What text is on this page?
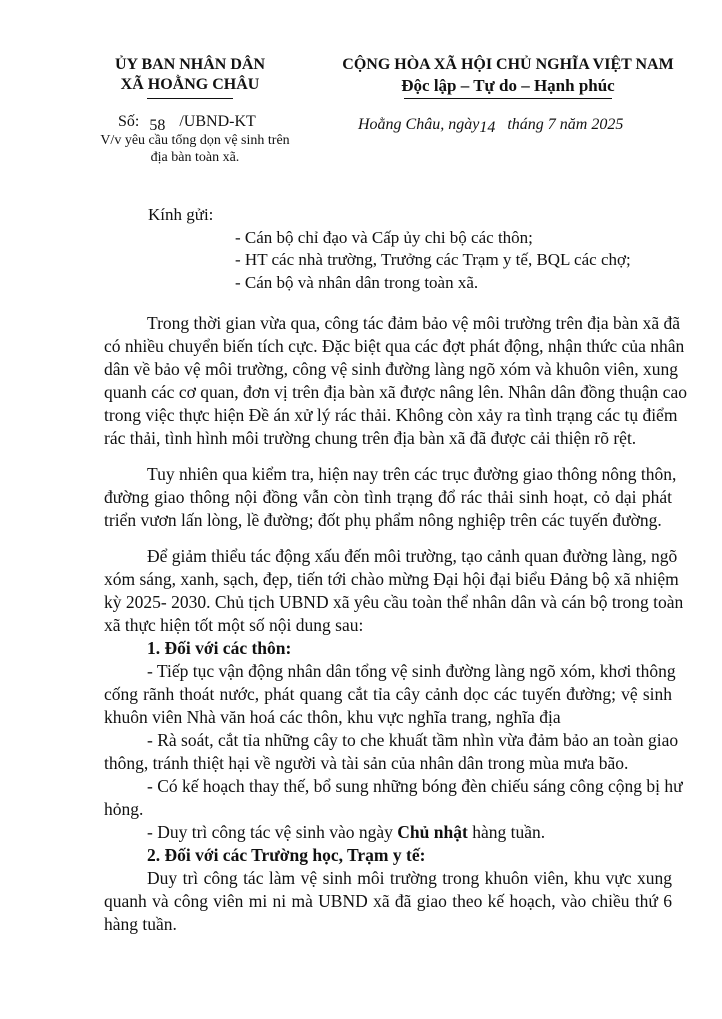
ỦY BAN NHÂN DÂN
XÃ HOẰNG CHÂU
Số: 58 /UBND-KT
V/v yêu cầu tổng dọn vệ sinh trên
địa bàn toàn xã.
CỘNG HÒA XÃ HỘI CHỦ NGHĨA VIỆT NAM
Độc lập – Tự do – Hạnh phúc
Hoằng Châu, ngày14 tháng 7 năm 2025
Kính gửi:
- Cán bộ chỉ đạo và Cấp ủy chi bộ các thôn;
- HT các nhà trường, Trưởng các Trạm y tế, BQL các chợ;
- Cán bộ và nhân dân trong toàn xã.
Trong thời gian vừa qua, công tác đảm bảo vệ môi trường trên địa bàn xã đã
có nhiều chuyển biến tích cực. Đặc biệt qua các đợt phát động, nhận thức của nhân
dân về bảo vệ môi trường, công vệ sinh đường làng ngõ xóm và khuôn viên, xung
quanh các cơ quan, đơn vị trên địa bàn xã được nâng lên. Nhân dân đồng thuận cao
trong việc thực hiện Đề án xử lý rác thải. Không còn xảy ra tình trạng các tụ điểm
rác thải, tình hình môi trường chung trên địa bàn xã đã được cải thiện rõ rệt.
Tuy nhiên qua kiểm tra, hiện nay trên các trục đường giao thông nông thôn,
đường giao thông nội đồng vẫn còn tình trạng đổ rác thải sinh hoạt, cỏ dại phát
triển vươn lấn lòng, lề đường; đốt phụ phẩm nông nghiệp trên các tuyến đường.
Để giảm thiểu tác động xấu đến môi trường, tạo cảnh quan đường làng, ngõ
xóm sáng, xanh, sạch, đẹp, tiến tới chào mừng Đại hội đại biểu Đảng bộ xã nhiệm
kỳ 2025- 2030. Chủ tịch UBND xã yêu cầu toàn thể nhân dân và cán bộ trong toàn
xã thực hiện tốt một số nội dung sau:
1. Đối với các thôn:
- Tiếp tục vận động nhân dân tổng vệ sinh đường làng ngõ xóm, khơi thông
cống rãnh thoát nước, phát quang cắt tỉa cây cảnh dọc các tuyến đường; vệ sinh
khuôn viên Nhà văn hoá các thôn, khu vực nghĩa trang, nghĩa địa
- Rà soát, cắt tỉa những cây to che khuất tầm nhìn vừa đảm bảo an toàn giao
thông, tránh thiệt hại về người và tài sản của nhân dân trong mùa mưa bão.
- Có kế hoạch thay thế, bổ sung những bóng đèn chiếu sáng công cộng bị hư
hỏng.
- Duy trì công tác vệ sinh vào ngày Chủ nhật hàng tuần.
2. Đối với các Trường học, Trạm y tế:
Duy trì công tác làm vệ sinh môi trường trong khuôn viên, khu vực xung
quanh và công viên mi ni mà UBND xã đã giao theo kế hoạch, vào chiều thứ 6
hàng tuần.
